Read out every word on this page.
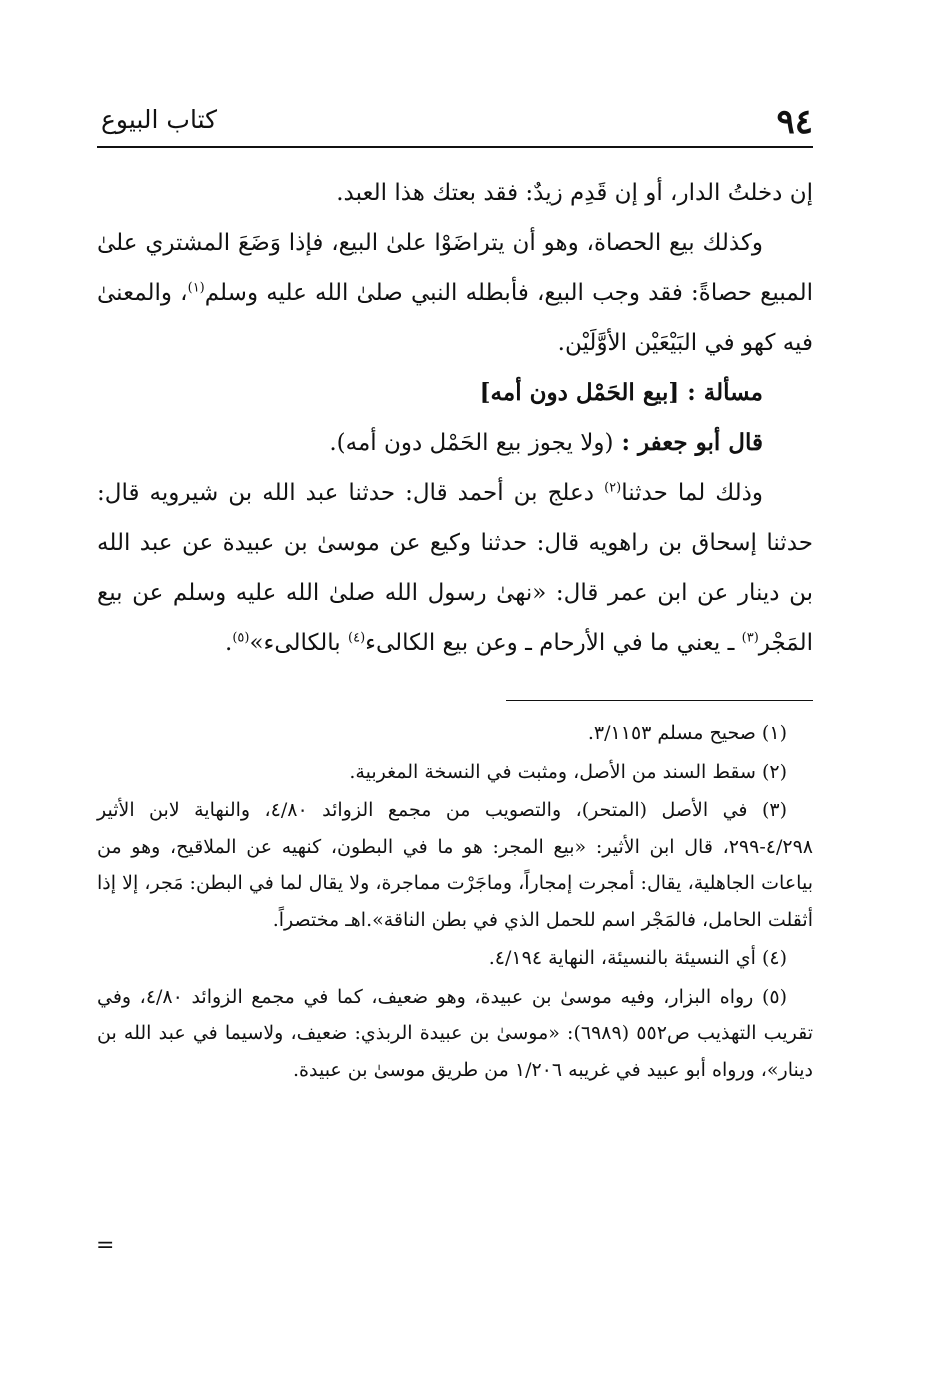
٩٤
كتاب البيوع

إن دخلتُ الدار، أو إن قَدِم زيدٌ: فقد بعتك هذا العبد.

وكذلك بيع الحصاة، وهو أن يتراضَوْا علىٰ البيع، فإذا وَضَعَ المشتري علىٰ المبيع حصاةً: فقد وجب البيع، فأبطله النبي صلىٰ الله عليه وسلم$^{(١)}$، والمعنىٰ فيه كهو في البَيْعَيْن الأوَّلَيْن.

مسألة : [بيع الحَمْل دون أمه]

قال أبو جعفر : (ولا يجوز بيع الحَمْل دون أمه).

وذلك لما حدثنا$^{(٢)}$ دعلج بن أحمد قال: حدثنا عبد الله بن شيرويه قال: حدثنا إسحاق بن راهويه قال: حدثنا وكيع عن موسىٰ بن عبيدة عن عبد الله بن دينار عن ابن عمر قال: «نهىٰ رسول الله صلىٰ الله عليه وسلم عن بيع المَجْر$^{(٣)}$ ـ يعني ما في الأرحام ـ وعن بيع الكالىء$^{(٤)}$ بالكالىء»$^{(٥)}$.

(١) صحيح مسلم ٣/١١٥٣.

(٢) سقط السند من الأصل، ومثبت في النسخة المغربية.

(٣) في الأصل (المتحر)، والتصويب من مجمع الزوائد ٤/٨٠، والنهاية لابن الأثير ٤/٢٩٨-٢٩٩، قال ابن الأثير: «بيع المجر: هو ما في البطون، كنهيه عن الملاقيح، وهو من بياعات الجاهلية، يقال: أمجرت إمجاراً، وماجَرْت مماجرة، ولا يقال لما في البطن: مَجر، إلا إذا أثقلت الحامل، فالمَجْر اسم للحمل الذي في بطن الناقة».اهـ مختصراً.

(٤) أي النسيئة بالنسيئة، النهاية ٤/١٩٤.

(٥) رواه البزار، وفيه موسىٰ بن عبيدة، وهو ضعيف، كما في مجمع الزوائد ٤/٨٠، وفي تقريب التهذيب ص٥٥٢ (٦٩٨٩): «موسىٰ بن عبيدة الربذي: ضعيف، ولاسيما في عبد الله بن دينار»، ورواه أبو عبيد في غريبه ١/٢٠٦ من طريق موسىٰ بن عبيدة.

=
